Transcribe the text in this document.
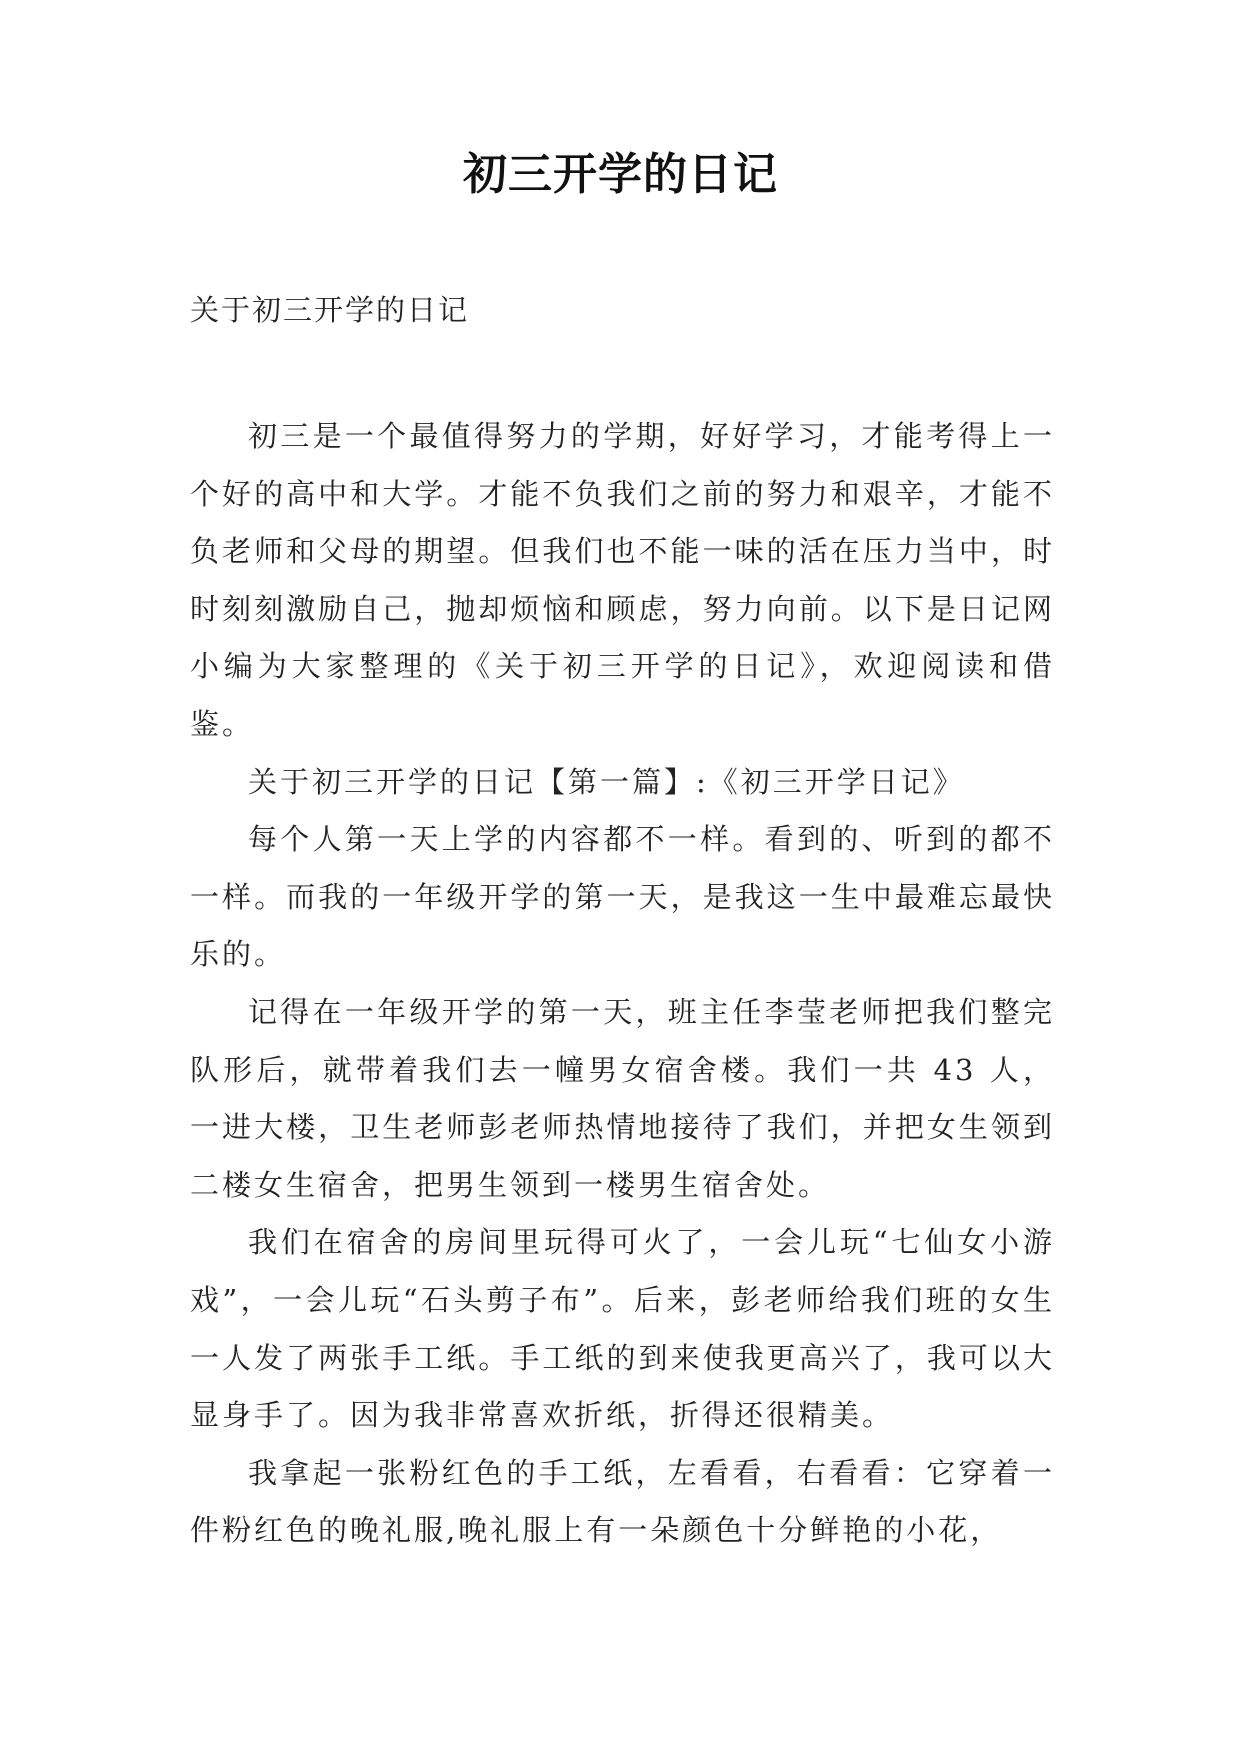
初三开学的日记
关于初三开学的日记

初三是一个最值得努力的学期，好好学习，才能考得上一个好的高中和大学。才能不负我们之前的努力和艰辛，才能不负老师和父母的期望。但我们也不能一味的活在压力当中，时时刻刻激励自己，抛却烦恼和顾虑，努力向前。以下是日记网小编为大家整理的《关于初三开学的日记》，欢迎阅读和借鉴。

关于初三开学的日记【第一篇】:《初三开学日记》

每个人第一天上学的内容都不一样。看到的、听到的都不一样。而我的一年级开学的第一天，是我这一生中最难忘最快乐的。

记得在一年级开学的第一天，班主任李莹老师把我们整完队形后，就带着我们去一幢男女宿舍楼。我们一共 43 人，一进大楼，卫生老师彭老师热情地接待了我们，并把女生领到二楼女生宿舍，把男生领到一楼男生宿舍处。

我们在宿舍的房间里玩得可火了，一会儿玩“七仙女小游戏”，一会儿玩“石头剪子布”。后来，彭老师给我们班的女生一人发了两张手工纸。手工纸的到来使我更高兴了，我可以大显身手了。因为我非常喜欢折纸，折得还很精美。

我拿起一张粉红色的手工纸，左看看，右看看：它穿着一件粉红色的晚礼服,晚礼服上有一朵颜色十分鲜艳的小花，
